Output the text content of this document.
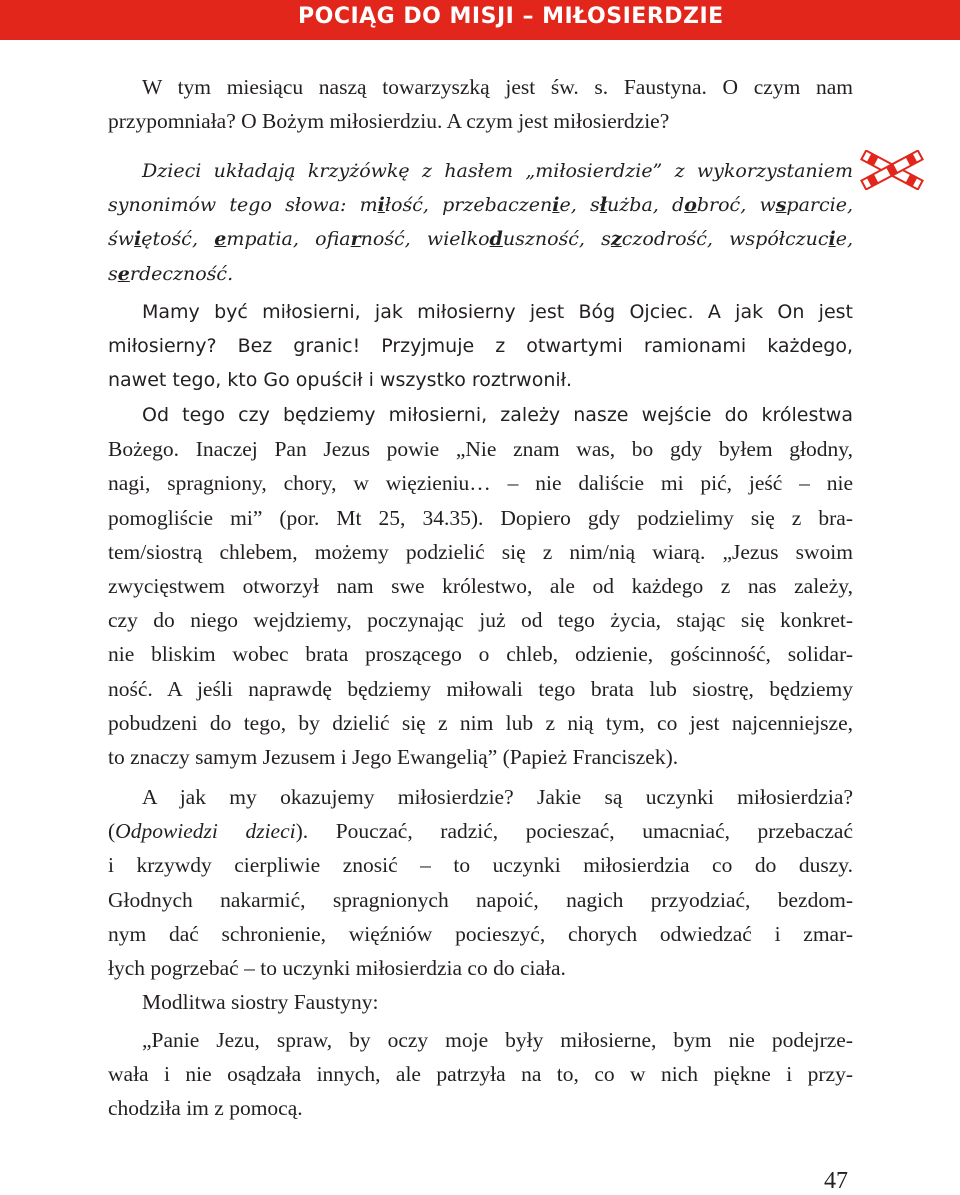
POCIĄG DO MISJI – MIŁOSIERDZIE
W tym miesiącu naszą towarzyszką jest św. s. Faustyna. O czym nam
przypomniała? O Bożym miłosierdziu. A czym jest miłosierdzie?
Dzieci układają krzyżówkę z hasłem „miłosierdzie” z wykorzystaniem
synonimów tego słowa: miłość, przebaczenie, służba, dobroć, wsparcie,
świętość, empatia, ofiarność, wielkoduszność, szczodrość, współczucie,
serdeczność.
Mamy być miłosierni, jak miłosierny jest Bóg Ojciec. A jak On jest
miłosierny? Bez granic! Przyjmuje z otwartymi ramionami każdego,
nawet tego, kto Go opuścił i wszystko roztrwonił.
Od tego czy będziemy miłosierni, zależy nasze wejście do królestwa
Bożego. Inaczej Pan Jezus powie „Nie znam was, bo gdy byłem głodny,
nagi, spragniony, chory, w więzieniu… – nie daliście mi pić, jeść – nie
pomogliście mi” (por. Mt 25, 34.35). Dopiero gdy podzielimy się z bra-
tem/siostrą chlebem, możemy podzielić się z nim/nią wiarą. „Jezus swoim
zwycięstwem otworzył nam swe królestwo, ale od każdego z nas zależy,
czy do niego wejdziemy, poczynając już od tego życia, stając się konkret-
nie bliskim wobec brata proszącego o chleb, odzienie, gościnność, solidar-
ność. A jeśli naprawdę będziemy miłowali tego brata lub siostrę, będziemy
pobudzeni do tego, by dzielić się z nim lub z nią tym, co jest najcenniejsze,
to znaczy samym Jezusem i Jego Ewangelią” (Papież Franciszek).
A jak my okazujemy miłosierdzie? Jakie są uczynki miłosierdzia?
(Odpowiedzi dzieci). Pouczać, radzić, pocieszać, umacniać, przebaczać
i krzywdy cierpliwie znosić – to uczynki miłosierdzia co do duszy.
Głodnych nakarmić, spragnionych napoić, nagich przyodziać, bezdom-
nym dać schronienie, więźniów pocieszyć, chorych odwiedzać i zmar-
łych pogrzebać – to uczynki miłosierdzia co do ciała.
Modlitwa siostry Faustyny:
„Panie Jezu, spraw, by oczy moje były miłosierne, bym nie podejrze-
wała i nie osądzała innych, ale patrzyła na to, co w nich piękne i przy-
chodziła im z pomocą.
47
